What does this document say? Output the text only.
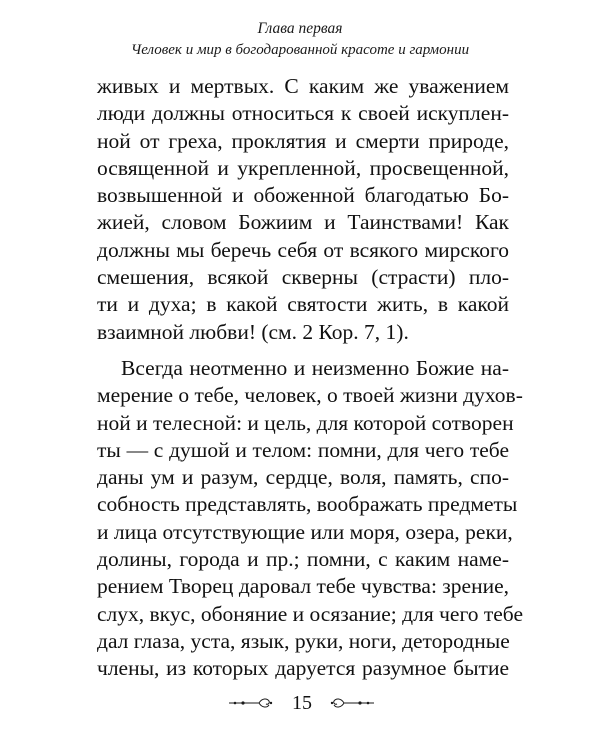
Глава первая
Человек и мир в богодарованной красоте и гармонии
живых и мертвых. С каким же уважением
люди должны относиться к своей искуплен-
ной от греха, проклятия и смерти природе,
освященной и укрепленной, просвещенной,
возвышенной и обоженной благодатью Бо-
жией, словом Божиим и Таинствами! Как
должны мы беречь себя от всякого мирского
смешения, всякой скверны (страсти) пло-
ти и духа; в какой святости жить, в какой
взаимной любви! (см. 2 Кор. 7, 1).
Всегда неотменно и неизменно Божие на-
мерение о тебе, человек, о твоей жизни духов-
ной и телесной: и цель, для которой сотворен
ты — с душой и телом: помни, для чего тебе
даны ум и разум, сердце, воля, память, спо-
собность представлять, воображать предметы
и лица отсутствующие или моря, озера, реки,
долины, города и пр.; помни, с каким наме-
рением Творец даровал тебе чувства: зрение,
слух, вкус, обоняние и осязание; для чего тебе
дал глаза, уста, язык, руки, ноги, детородные
члены, из которых даруется разумное бытие
15
